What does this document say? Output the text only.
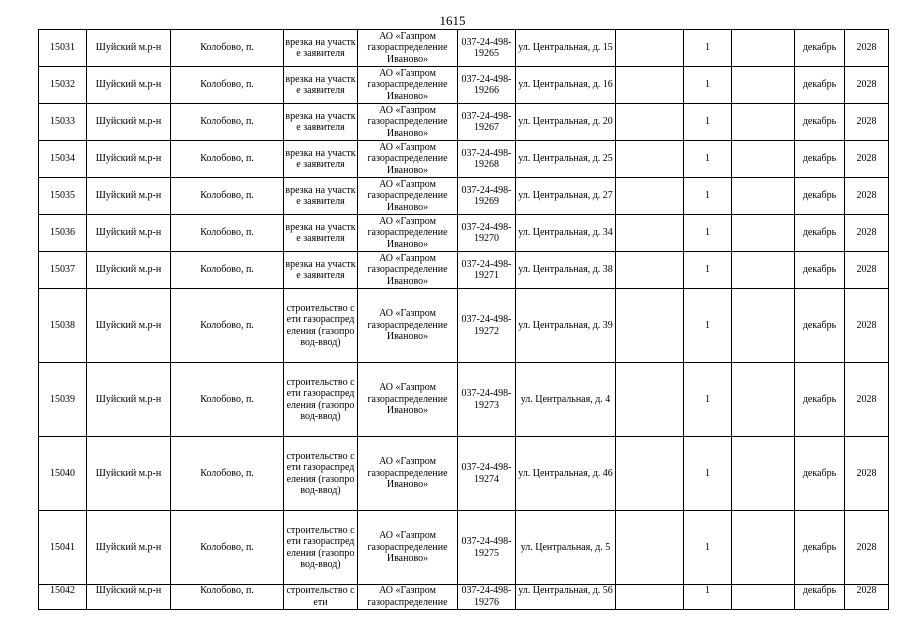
1615
15031	Шуйский м.р-н	Колобово, п.	врезка на участке заявителя	АО «Газпром газораспределение Иваново»	037-24-498-19265	ул. Центральная, д. 15		1		декабрь	2028
15032	Шуйский м.р-н	Колобово, п.	врезка на участке заявителя	АО «Газпром газораспределение Иваново»	037-24-498-19266	ул. Центральная, д. 16		1		декабрь	2028
15033	Шуйский м.р-н	Колобово, п.	врезка на участке заявителя	АО «Газпром газораспределение Иваново»	037-24-498-19267	ул. Центральная, д. 20		1		декабрь	2028
15034	Шуйский м.р-н	Колобово, п.	врезка на участке заявителя	АО «Газпром газораспределение Иваново»	037-24-498-19268	ул. Центральная, д. 25		1		декабрь	2028
15035	Шуйский м.р-н	Колобово, п.	врезка на участке заявителя	АО «Газпром газораспределение Иваново»	037-24-498-19269	ул. Центральная, д. 27		1		декабрь	2028
15036	Шуйский м.р-н	Колобово, п.	врезка на участке заявителя	АО «Газпром газораспределение Иваново»	037-24-498-19270	ул. Центральная, д. 34		1		декабрь	2028
15037	Шуйский м.р-н	Колобово, п.	врезка на участке заявителя	АО «Газпром газораспределение Иваново»	037-24-498-19271	ул. Центральная, д. 38		1		декабрь	2028
15038	Шуйский м.р-н	Колобово, п.	строительство сети газораспределения (газопровод-ввод)	АО «Газпром газораспределение Иваново»	037-24-498-19272	ул. Центральная, д. 39		1		декабрь	2028
15039	Шуйский м.р-н	Колобово, п.	строительство сети газораспределения (газопровод-ввод)	АО «Газпром газораспределение Иваново»	037-24-498-19273	ул. Центральная, д. 4		1		декабрь	2028
15040	Шуйский м.р-н	Колобово, п.	строительство сети газораспределения (газопровод-ввод)	АО «Газпром газораспределение Иваново»	037-24-498-19274	ул. Центральная, д. 46		1		декабрь	2028
15041	Шуйский м.р-н	Колобово, п.	строительство сети газораспределения (газопровод-ввод)	АО «Газпром газораспределение Иваново»	037-24-498-19275	ул. Центральная, д. 5		1		декабрь	2028
15042	Шуйский м.р-н	Колобово, п.	строительство сети	АО «Газпром газораспределение	037-24-498-19276	ул. Центральная, д. 56		1		декабрь	2028
